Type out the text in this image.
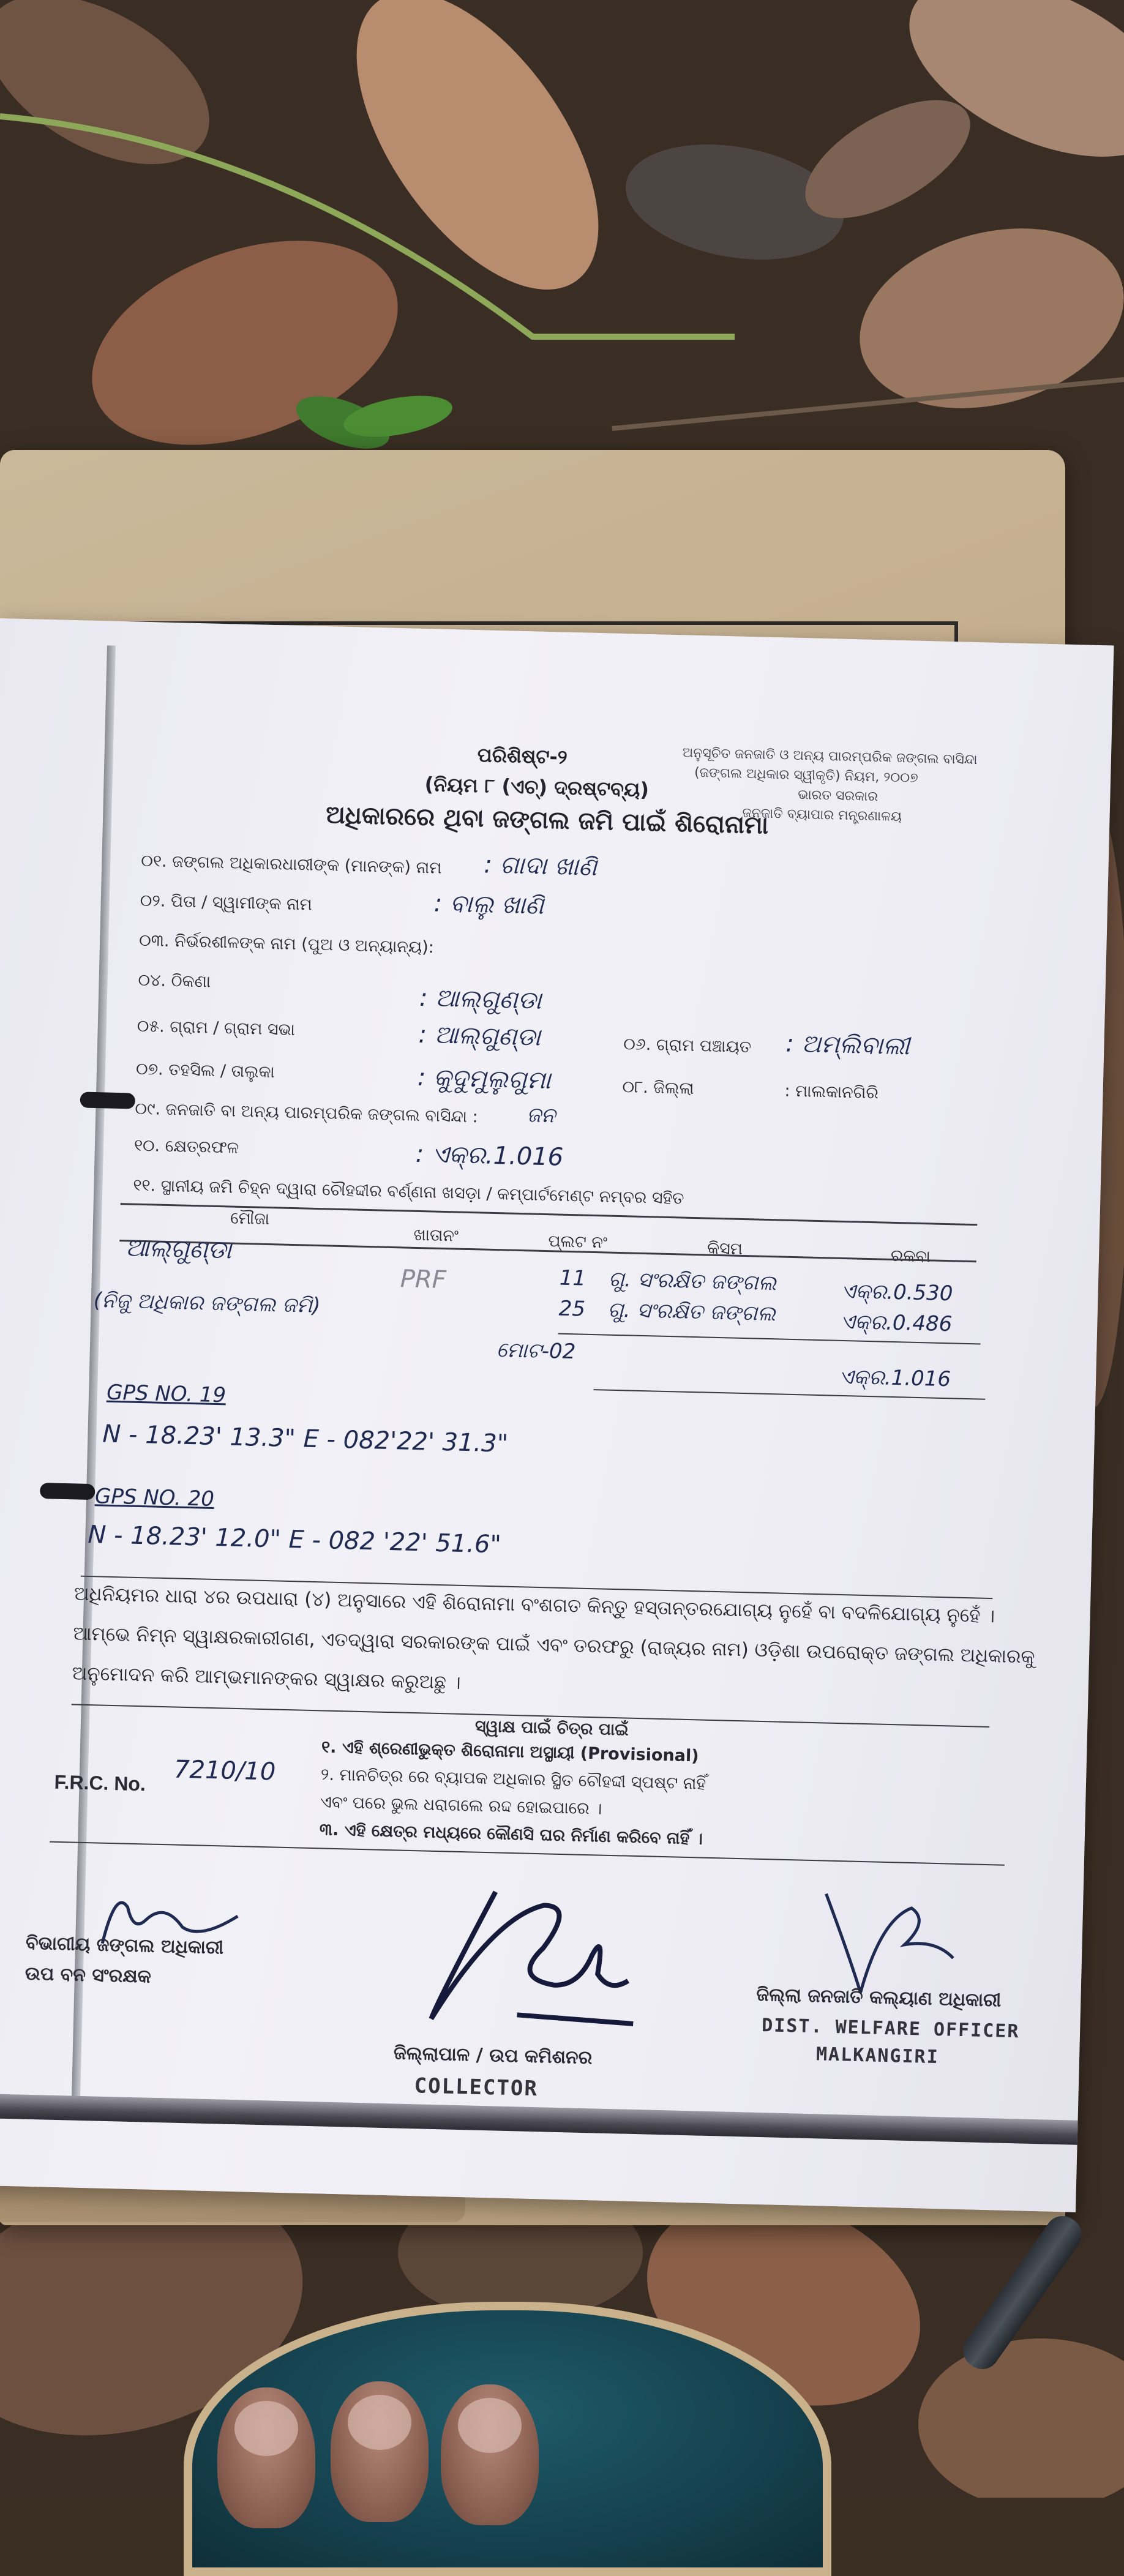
ଅନୁସୂଚିତ ଜନଜାତି ଓ ଅନ୍ୟ ପାରମ୍ପରିକ ଜଙ୍ଗଲ ବାସିନ୍ଦା
(ଜଙ୍ଗଲ ଅଧିକାର ସ୍ୱୀକୃତି) ନିୟମ, ୨୦୦୭
ଭାରତ ସରକାର
ଜନଜାତି ବ୍ୟାପାର ମନ୍ତ୍ରଣାଳୟ
ପରିଶିଷ୍ଟ-୨
(ନିୟମ ୮ (ଏଚ୍) ଦ୍ରଷ୍ଟବ୍ୟ)
ଅଧିକାରରେ ଥିବା ଜଙ୍ଗଲ ଜମି ପାଇଁ ଶିରୋନାମା
୦୧. ଜଙ୍ଗଲ ଅଧିକାରଧାରୀଙ୍କ (ମାନଙ୍କ) ନାମ : ଗାଦା ଖାଣି
୦୨. ପିତା / ସ୍ୱାମୀଙ୍କ ନାମ	: ବାଲୁ ଖାଣି
୦୩. ନିର୍ଭରଶୀଳଙ୍କ ନାମ (ପୁଅ ଓ ଅନ୍ୟାନ୍ୟ):
୦୪. ଠିକଣା
: ଆଲ୍ଗୁଣ୍ଡା
୦୫. ଗ୍ରାମ / ଗ୍ରାମ ସଭା	: ଆଲ୍ଗୁଣ୍ଡା	୦୬. ଗ୍ରାମ ପଞ୍ଚାୟତ : ଅମ୍ଲିବାଲୀ
୦୭. ତହସିଲ / ତାଲୁକା	: କୁଦୁମୁଲୁଗୁମା	୦୮. ଜିଲ୍ଲା	: ମାଲକାନଗିରି
୦୯. ଜନଜାତି ବା ଅନ୍ୟ ପାରମ୍ପରିକ ଜଙ୍ଗଲ ବାସିନ୍ଦା : ଜନ
୧୦. କ୍ଷେତ୍ରଫଳ	: ଏକ୍ର.1.016
୧୧. ସ୍ଥାନୀୟ ଜମି ଚିହ୍ନ ଦ୍ୱାରା ଚୌହଦ୍ଦୀର ବର୍ଣ୍ଣନା ଖସଡ଼ା / କମ୍ପାର୍ଟମେଣ୍ଟ ନମ୍ବର ସହିତ
ମୌଜା
ଖାତାନଂ	ପ୍ଲଟ ନଂ	କିସମ	ରକବା
ଆଲ୍ଗୁଣ୍ଡା
(ନିଜୁ ଅଧିକାର ଜଙ୍ଗଲ ଜମି)
PRF	11 ଗୁ. ସଂରକ୍ଷିତ ଜଙ୍ଗଲ	ଏକ୍ର.0.530
25 ଗୁ. ସଂରକ୍ଷିତ ଜଙ୍ଗଲ	ଏକ୍ର.0.486
ମୋଟ-02
ଏକ୍ର.1.016
GPS NO. 19
N - 18.23' 13.3" E - 082'22' 31.3"
GPS NO. 20
N - 18.23' 12.0" E - 082 '22' 51.6"
ଅଧିନିୟମର ଧାରା ୪ର ଉପଧାରା (୪) ଅନୁସାରେ ଏହି ଶିରୋନାମା ବଂଶଗତ କିନ୍ତୁ ହସ୍ତାନ୍ତରଯୋଗ୍ୟ ନୁହେଁ ବା ବଦଳିଯୋଗ୍ୟ ନୁହେଁ ।
ଆମ୍ଭେ ନିମ୍ନ ସ୍ୱାକ୍ଷରକାରୀଗଣ, ଏତଦ୍ୱାରା ସରକାରଙ୍କ ପାଇଁ ଏବଂ ତରଫରୁ (ରାଜ୍ୟର ନାମ) ଓଡ଼ିଶା ଉପରୋକ୍ତ ଜଙ୍ଗଲ ଅଧିକାରକୁ
ଅନୁମୋଦନ କରି ଆମ୍ଭମାନଙ୍କର ସ୍ୱାକ୍ଷର କରୁଅଛୁ ।
ସ୍ୱାକ୍ଷ ପାଇଁ ଚିତ୍ର ପାଇଁ
୧. ଏହି ଶ୍ରେଣୀଭୁକ୍ତ ଶିରୋନାମା ଅସ୍ଥାୟୀ (Provisional)
୨. ମାନଚିତ୍ର ରେ ବ୍ୟାପକ ଅଧିକାର ସ୍ଥିତ ଚୌହଦ୍ଦୀ ସ୍ପଷ୍ଟ ନାହିଁ
ଏବଂ ପରେ ଭୁଲ ଧରାଗଲେ ରଦ୍ଦ ହୋଇପାରେ ।
୩. ଏହି କ୍ଷେତ୍ର ମଧ୍ୟରେ କୌଣସି ଘର ନିର୍ମାଣ କରିବେ ନାହିଁ ।
F.R.C. No. 7210/10
ବିଭାଗୀୟ ଜଙ୍ଗଲ ଅଧିକାରୀ
ଉପ ବନ ସଂରକ୍ଷକ
ଜିଲ୍ଲାପାଳ / ଉପ କମିଶନର
COLLECTOR
ଜିଲ୍ଲା ଜନଜାତି କଲ୍ୟାଣ ଅଧିକାରୀ
DIST. WELFARE OFFICER
MALKANGIRI
